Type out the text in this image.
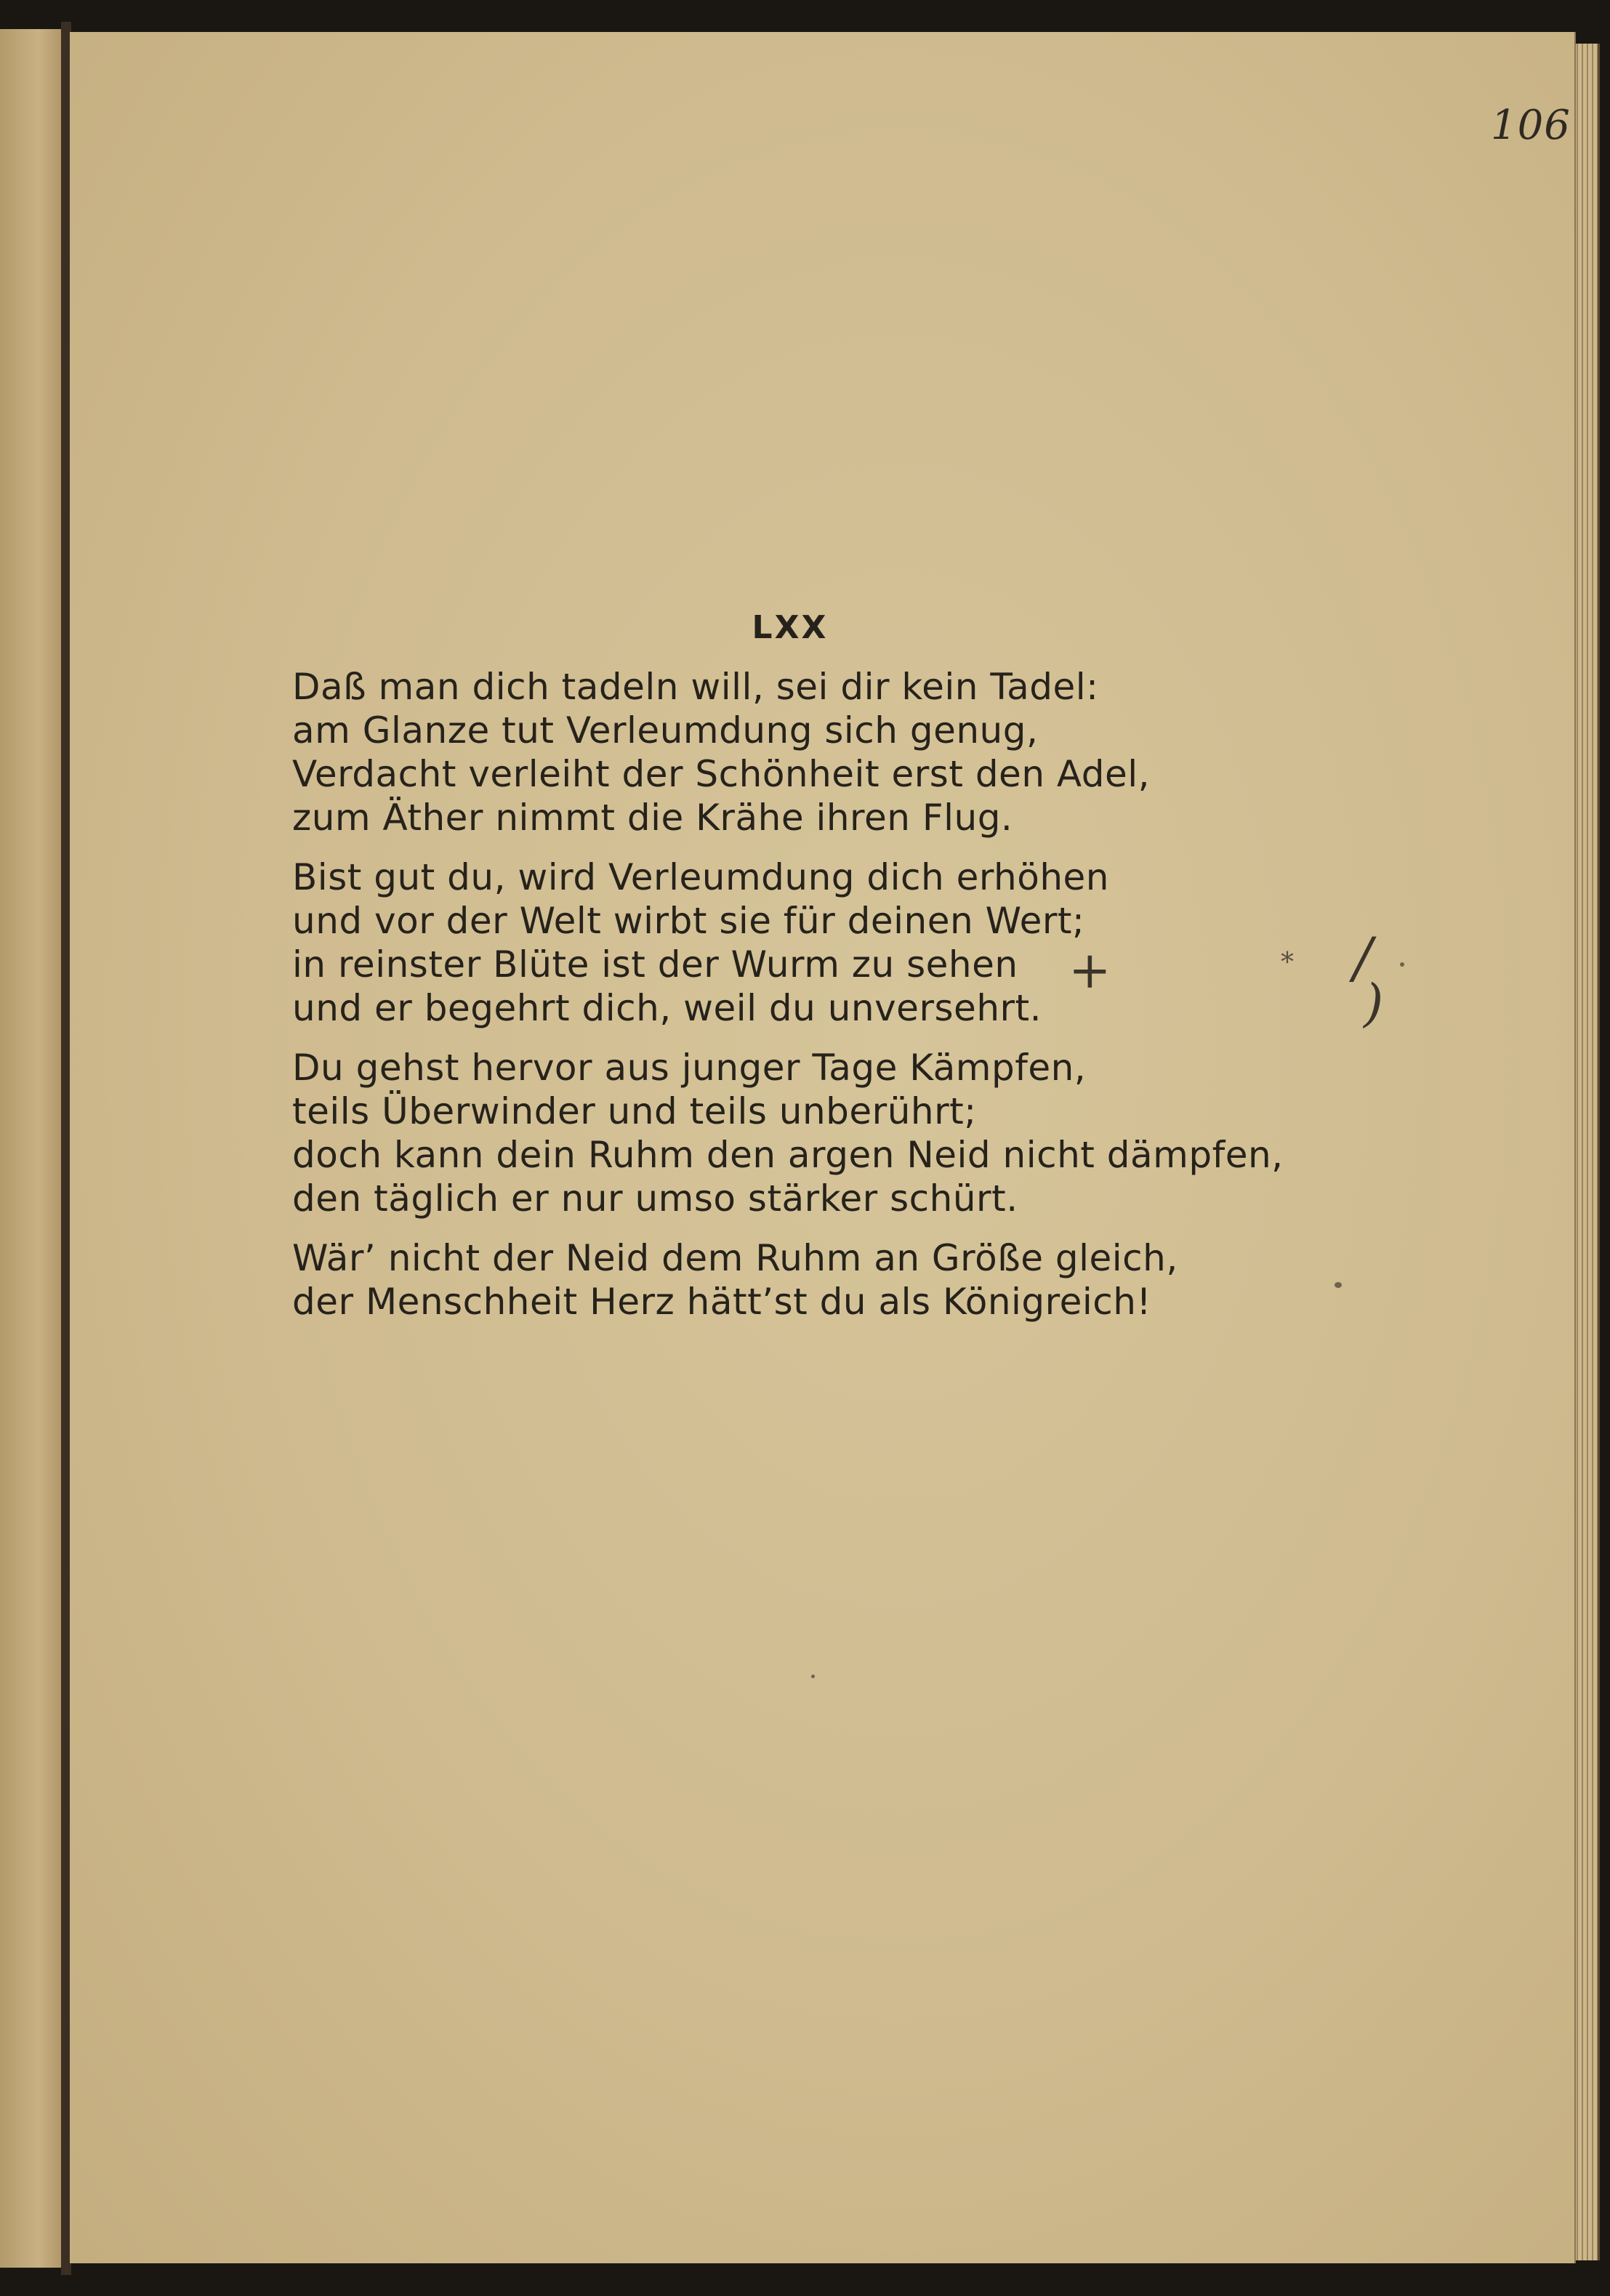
106
LXX
Daß man dich tadeln will, sei dir kein Tadel:
am Glanze tut Verleumdung sich genug,
Verdacht verleiht der Schönheit erst den Adel,
zum Äther nimmt die Krähe ihren Flug.
Bist gut du, wird Verleumdung dich erhöhen
und vor der Welt wirbt sie für deinen Wert;
in reinster Blüte ist der Wurm zu sehen
und er begehrt dich, weil du unversehrt.
Du gehst hervor aus junger Tage Kämpfen,
teils Überwinder und teils unberührt;
doch kann dein Ruhm den argen Neid nicht dämpfen,
den täglich er nur umso stärker schürt.
Wär’ nicht der Neid dem Ruhm an Größe gleich,
der Menschheit Herz hätt’st du als Königreich!
+	* /
)
